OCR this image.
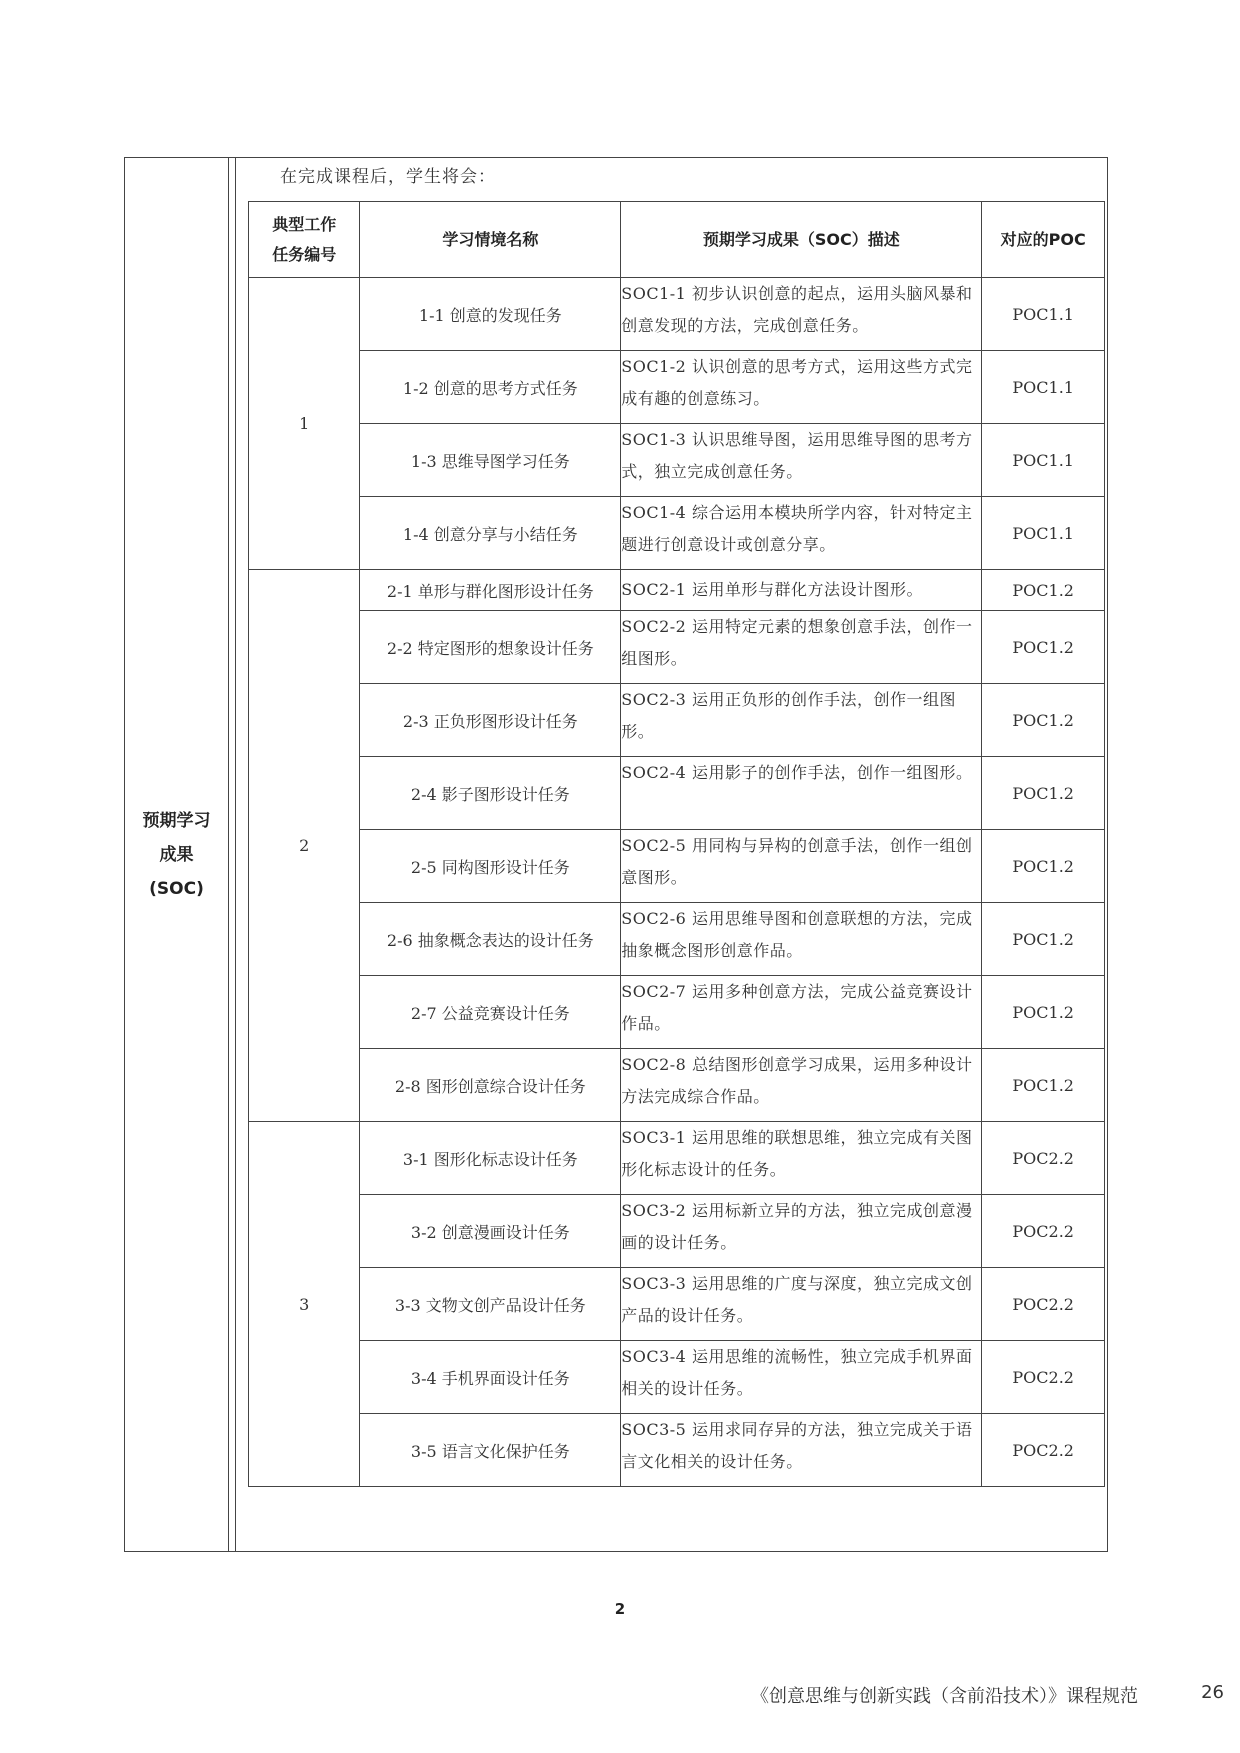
预期学习成果(SOC)
在完成课程后，学生将会：
典型工作任务编号	学习情境名称	预期学习成果（SOC）描述	对应的POC
1	1-1 创意的发现任务	SOC1-1 初步认识创意的起点，运用头脑风暴和创意发现的方法，完成创意任务。	POC1.1
	1-2 创意的思考方式任务	SOC1-2 认识创意的思考方式，运用这些方式完成有趣的创意练习。	POC1.1
	1-3 思维导图学习任务	SOC1-3 认识思维导图，运用思维导图的思考方式，独立完成创意任务。	POC1.1
	1-4 创意分享与小结任务	SOC1-4 综合运用本模块所学内容，针对特定主题进行创意设计或创意分享。	POC1.1
2	2-1 单形与群化图形设计任务	SOC2-1 运用单形与群化方法设计图形。	POC1.2
	2-2 特定图形的想象设计任务	SOC2-2 运用特定元素的想象创意手法，创作一组图形。	POC1.2
	2-3 正负形图形设计任务	SOC2-3 运用正负形的创作手法，创作一组图形。	POC1.2
	2-4 影子图形设计任务	SOC2-4 运用影子的创作手法，创作一组图形。	POC1.2
	2-5 同构图形设计任务	SOC2-5 用同构与异构的创意手法，创作一组创意图形。	POC1.2
	2-6 抽象概念表达的设计任务	SOC2-6 运用思维导图和创意联想的方法，完成抽象概念图形创意作品。	POC1.2
	2-7 公益竞赛设计任务	SOC2-7 运用多种创意方法，完成公益竞赛设计作品。	POC1.2
	2-8 图形创意综合设计任务	SOC2-8 总结图形创意学习成果，运用多种设计方法完成综合作品。	POC1.2
3	3-1 图形化标志设计任务	SOC3-1 运用思维的联想思维，独立完成有关图形化标志设计的任务。	POC2.2
	3-2 创意漫画设计任务	SOC3-2 运用标新立异的方法，独立完成创意漫画的设计任务。	POC2.2
	3-3 文物文创产品设计任务	SOC3-3 运用思维的广度与深度，独立完成文创产品的设计任务。	POC2.2
	3-4 手机界面设计任务	SOC3-4 运用思维的流畅性，独立完成手机界面相关的设计任务。	POC2.2
	3-5 语言文化保护任务	SOC3-5 运用求同存异的方法，独立完成关于语言文化相关的设计任务。	POC2.2
2
《创意思维与创新实践（含前沿技术）》课程规范	26
